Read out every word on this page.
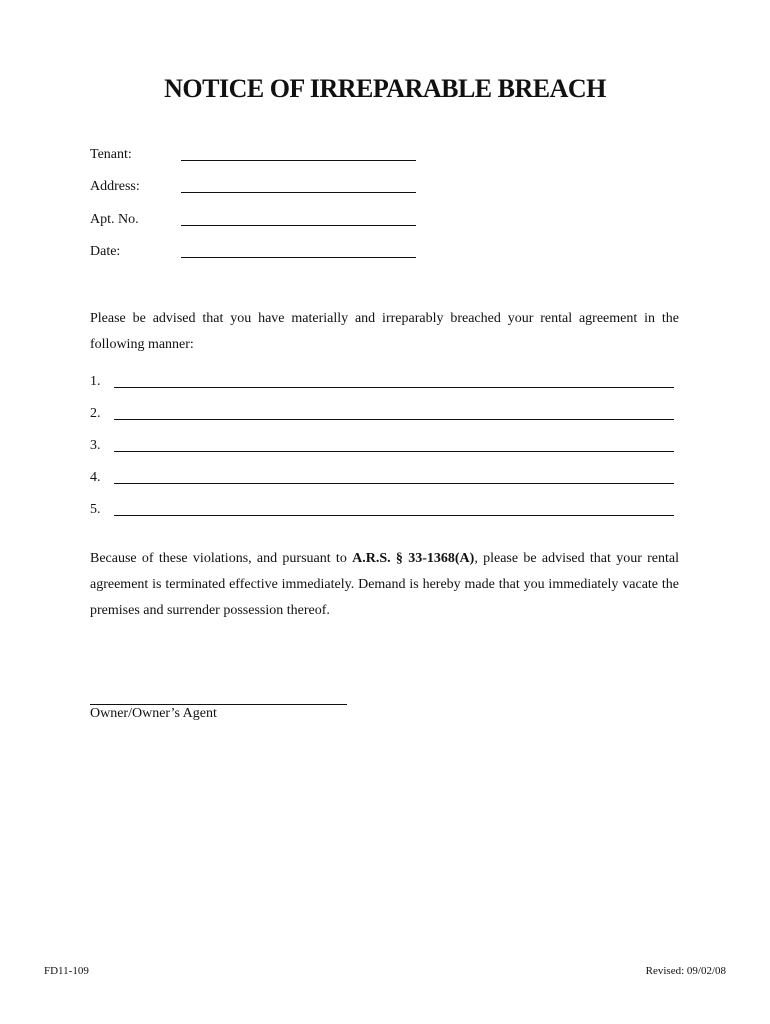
NOTICE OF IRREPARABLE BREACH
Tenant:
Address:
Apt. No.
Date:
Please be advised that you have materially and irreparably breached your rental agreement in the
following manner:
1.
2.
3.
4.
5.
Because of these violations, and pursuant to A.R.S. § 33-1368(A), please be advised that your rental
agreement is terminated effective immediately. Demand is hereby made that you immediately vacate the
premises and surrender possession thereof.
Owner/Owner’s Agent
FD11-109	Revised: 09/02/08
